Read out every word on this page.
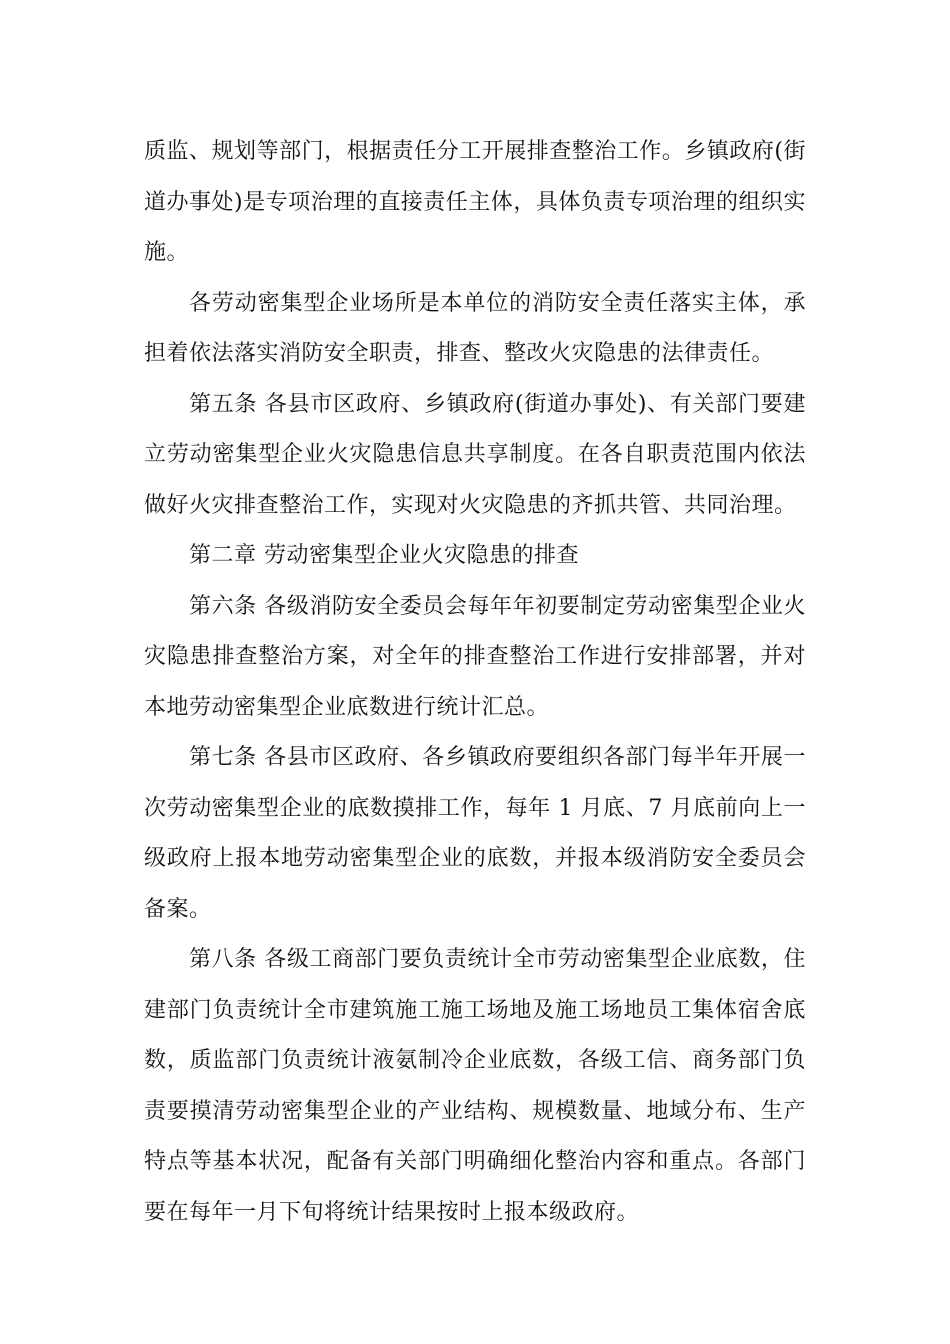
质监、规划等部门，根据责任分工开展排查整治工作。乡镇政府(街道办事处)是专项治理的直接责任主体，具体负责专项治理的组织实施。

各劳动密集型企业场所是本单位的消防安全责任落实主体，承担着依法落实消防安全职责，排查、整改火灾隐患的法律责任。

第五条 各县市区政府、乡镇政府(街道办事处)、有关部门要建立劳动密集型企业火灾隐患信息共享制度。在各自职责范围内依法做好火灾排查整治工作，实现对火灾隐患的齐抓共管、共同治理。

第二章 劳动密集型企业火灾隐患的排查

第六条 各级消防安全委员会每年年初要制定劳动密集型企业火灾隐患排查整治方案，对全年的排查整治工作进行安排部署，并对本地劳动密集型企业底数进行统计汇总。

第七条 各县市区政府、各乡镇政府要组织各部门每半年开展一次劳动密集型企业的底数摸排工作，每年 1 月底、7 月底前向上一级政府上报本地劳动密集型企业的底数，并报本级消防安全委员会备案。

第八条 各级工商部门要负责统计全市劳动密集型企业底数，住建部门负责统计全市建筑施工施工场地及施工场地员工集体宿舍底数，质监部门负责统计液氨制冷企业底数，各级工信、商务部门负责要摸清劳动密集型企业的产业结构、规模数量、地域分布、生产特点等基本状况，配备有关部门明确细化整治内容和重点。各部门要在每年一月下旬将统计结果按时上报本级政府。
